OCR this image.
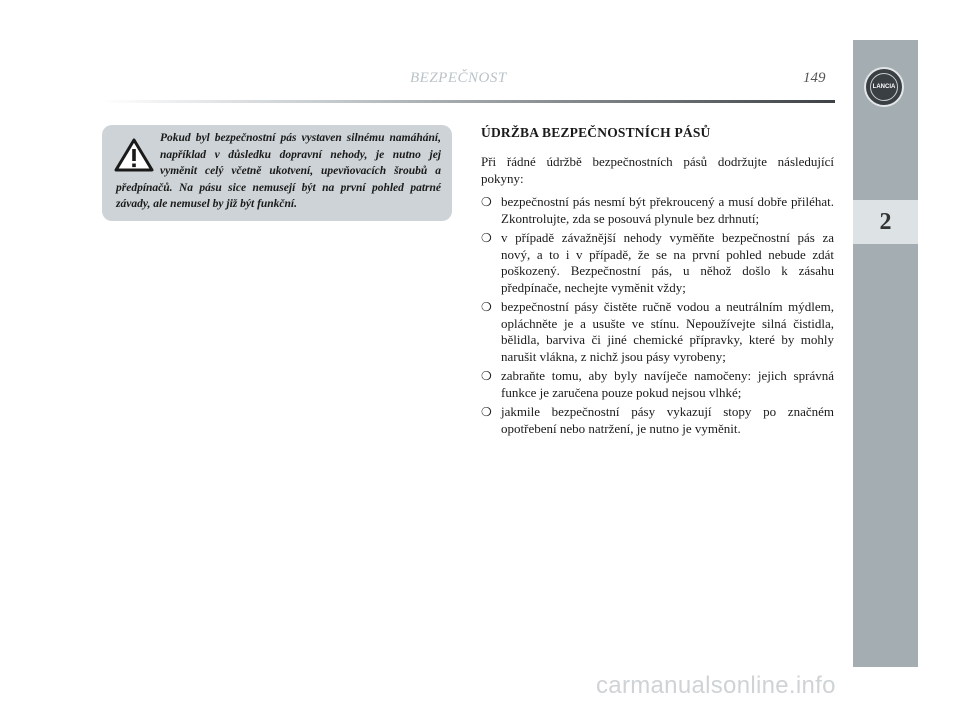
LANCIA
2
BEZPEČNOST	149

Pokud byl bezpečnostní pás vystaven silnému namáhání, například v důsledku dopravní nehody, je nutno jej vyměnit celý včetně ukotvení, upevňovacích šroubů a předpínačů. Na pásu sice nemusejí být na první pohled patrné závady, ale nemusel by již být funkční.

ÚDRŽBA BEZPEČNOSTNÍCH PÁSŮ

Při řádné údržbě bezpečnostních pásů dodržujte následující pokyny:

❍ bezpečnostní pás nesmí být překroucený a musí dobře přiléhat. Zkontrolujte, zda se posouvá plynule bez drhnutí;
❍ v případě závažnější nehody vyměňte bezpečnostní pás za nový, a to i v případě, že se na první pohled nebude zdát poškozený. Bezpečnostní pás, u něhož došlo k zásahu předpínače, nechejte vyměnit vždy;
❍ bezpečnostní pásy čistěte ručně vodou a neutrálním mýdlem, opláchněte je a usušte ve stínu. Nepoužívejte silná čistidla, bělidla, barviva či jiné chemické přípravky, které by mohly narušit vlákna, z nichž jsou pásy vyrobeny;
❍ zabraňte tomu, aby byly navíječe namočeny: jejich správná funkce je zaručena pouze pokud nejsou vlhké;
❍ jakmile bezpečnostní pásy vykazují stopy po značném opotřebení nebo natržení, je nutno je vyměnit.
carmanualsonline.info
